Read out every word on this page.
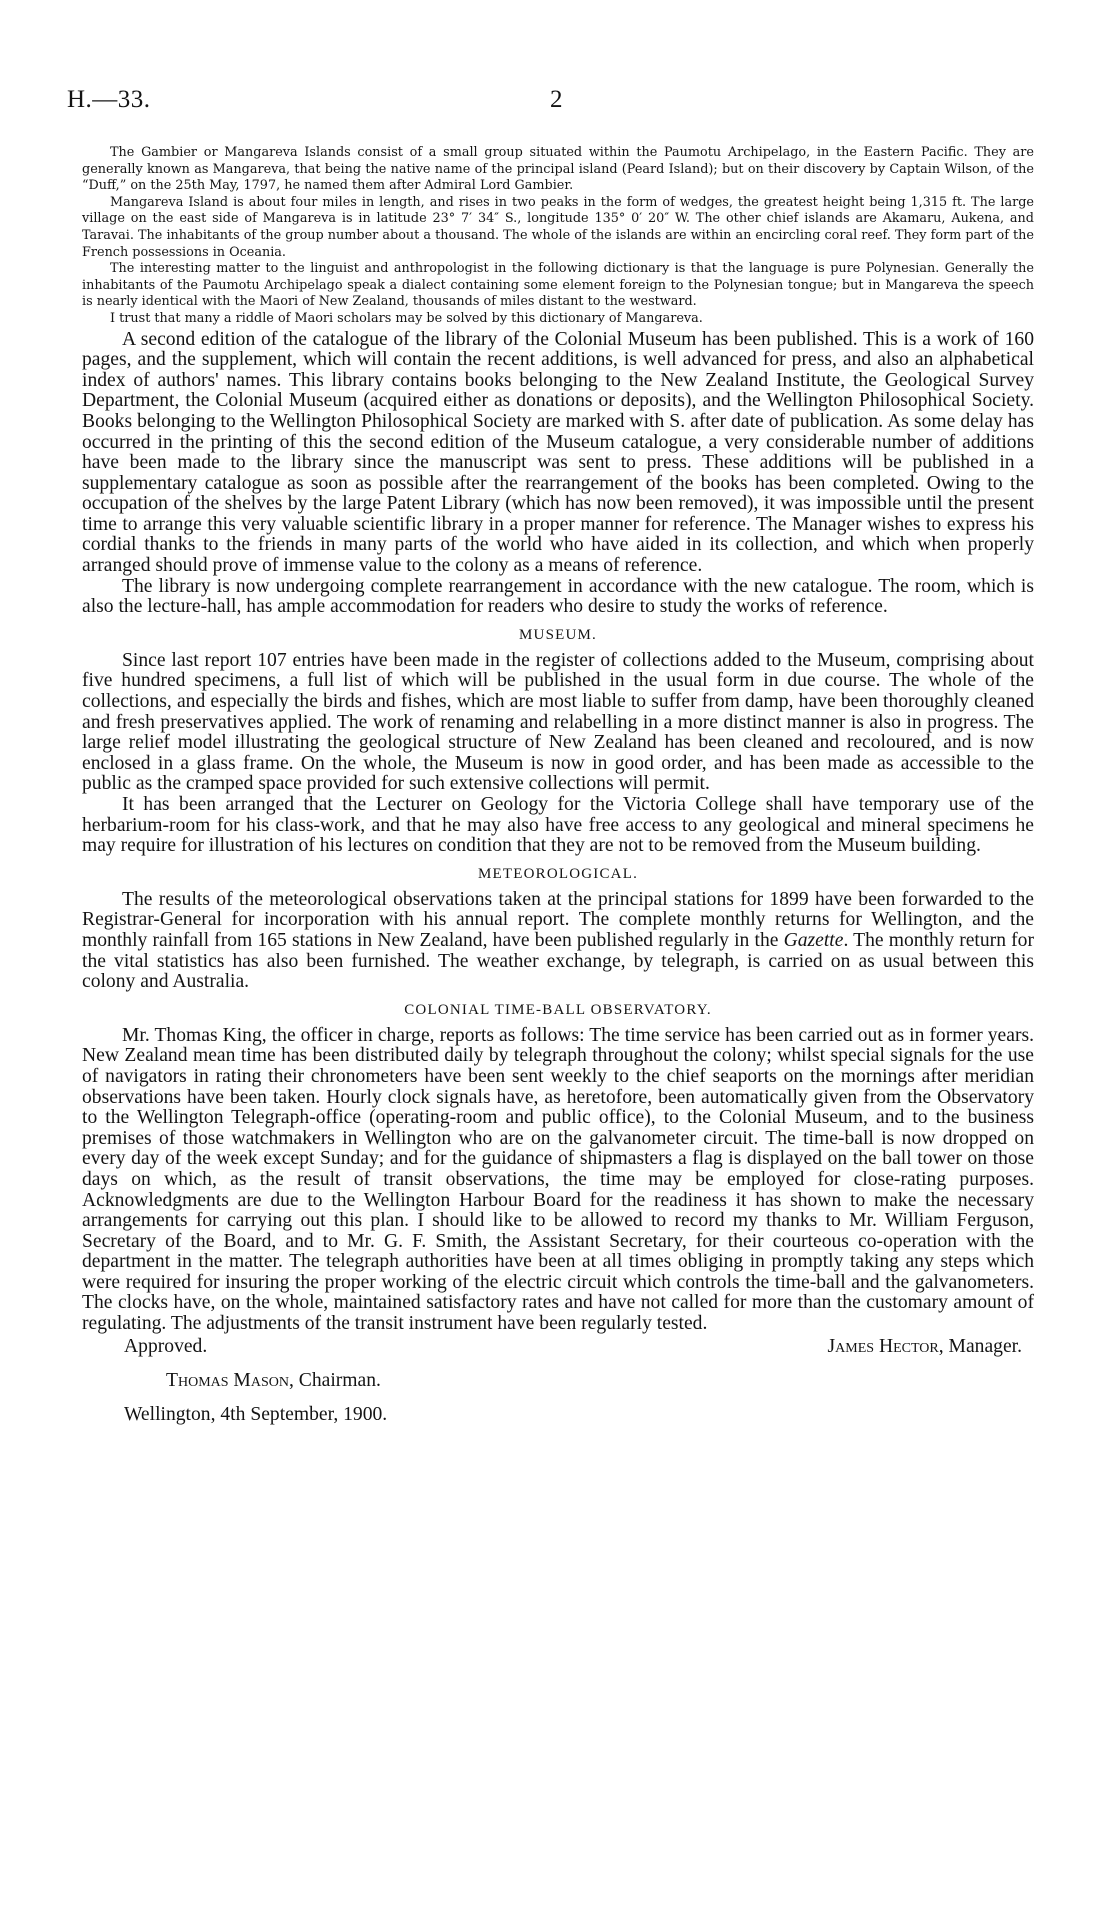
H.—33.	2

The Gambier or Mangareva Islands consist of a small group situated within the Paumotu Archipelago, in the Eastern Pacific. They are generally known as Mangareva, that being the native name of the principal island (Peard Island); but on their discovery by Captain Wilson, of the “Duff,” on the 25th May, 1797, he named them after Admiral Lord Gambier.

Mangareva Island is about four miles in length, and rises in two peaks in the form of wedges, the greatest height being 1,315 ft. The large village on the east side of Mangareva is in latitude 23° 7′ 34″ S., longitude 135° 0′ 20″ W. The other chief islands are Akamaru, Aukena, and Taravai. The inhabitants of the group number about a thousand. The whole of the islands are within an encircling coral reef. They form part of the French possessions in Oceania.

The interesting matter to the linguist and anthropologist in the following dictionary is that the language is pure Polynesian. Generally the inhabitants of the Paumotu Archipelago speak a dialect containing some element foreign to the Polynesian tongue; but in Mangareva the speech is nearly identical with the Maori of New Zealand, thousands of miles distant to the westward.

I trust that many a riddle of Maori scholars may be solved by this dictionary of Mangareva.

A second edition of the catalogue of the library of the Colonial Museum has been published. This is a work of 160 pages, and the supplement, which will contain the recent additions, is well advanced for press, and also an alphabetical index of authors' names. This library contains books belonging to the New Zealand Institute, the Geological Survey Department, the Colonial Museum (acquired either as donations or deposits), and the Wellington Philosophical Society. Books belonging to the Wellington Philosophical Society are marked with S. after date of publication. As some delay has occurred in the printing of this the second edition of the Museum catalogue, a very considerable number of additions have been made to the library since the manuscript was sent to press. These additions will be published in a supplementary catalogue as soon as possible after the rearrangement of the books has been completed. Owing to the occupation of the shelves by the large Patent Library (which has now been removed), it was impossible until the present time to arrange this very valuable scientific library in a proper manner for reference. The Manager wishes to express his cordial thanks to the friends in many parts of the world who have aided in its collection, and which when properly arranged should prove of immense value to the colony as a means of reference.

The library is now undergoing complete rearrangement in accordance with the new catalogue. The room, which is also the lecture-hall, has ample accommodation for readers who desire to study the works of reference.

MUSEUM.

Since last report 107 entries have been made in the register of collections added to the Museum, comprising about five hundred specimens, a full list of which will be published in the usual form in due course. The whole of the collections, and especially the birds and fishes, which are most liable to suffer from damp, have been thoroughly cleaned and fresh preservatives applied. The work of renaming and relabelling in a more distinct manner is also in progress. The large relief model illustrating the geological structure of New Zealand has been cleaned and recoloured, and is now enclosed in a glass frame. On the whole, the Museum is now in good order, and has been made as accessible to the public as the cramped space provided for such extensive collections will permit.

It has been arranged that the Lecturer on Geology for the Victoria College shall have temporary use of the herbarium-room for his class-work, and that he may also have free access to any geological and mineral specimens he may require for illustration of his lectures on condition that they are not to be removed from the Museum building.

METEOROLOGICAL.

The results of the meteorological observations taken at the principal stations for 1899 have been forwarded to the Registrar-General for incorporation with his annual report. The complete monthly returns for Wellington, and the monthly rainfall from 165 stations in New Zealand, have been published regularly in the Gazette. The monthly return for the vital statistics has also been furnished. The weather exchange, by telegraph, is carried on as usual between this colony and Australia.

COLONIAL TIME-BALL OBSERVATORY.

Mr. Thomas King, the officer in charge, reports as follows: The time service has been carried out as in former years. New Zealand mean time has been distributed daily by telegraph throughout the colony; whilst special signals for the use of navigators in rating their chronometers have been sent weekly to the chief seaports on the mornings after meridian observations have been taken. Hourly clock signals have, as heretofore, been automatically given from the Observatory to the Wellington Telegraph-office (operating-room and public office), to the Colonial Museum, and to the business premises of those watchmakers in Wellington who are on the galvanometer circuit. The time-ball is now dropped on every day of the week except Sunday; and for the guidance of shipmasters a flag is displayed on the ball tower on those days on which, as the result of transit observations, the time may be employed for close-rating purposes. Acknowledgments are due to the Wellington Harbour Board for the readiness it has shown to make the necessary arrangements for carrying out this plan. I should like to be allowed to record my thanks to Mr. William Ferguson, Secretary of the Board, and to Mr. G. F. Smith, the Assistant Secretary, for their courteous co-operation with the department in the matter. The telegraph authorities have been at all times obliging in promptly taking any steps which were required for insuring the proper working of the electric circuit which controls the time-ball and the galvanometers. The clocks have, on the whole, maintained satisfactory rates and have not called for more than the customary amount of regulating. The adjustments of the transit instrument have been regularly tested.

Approved.	James Hector, Manager.
Thomas Mason, Chairman.
Wellington, 4th September, 1900.
